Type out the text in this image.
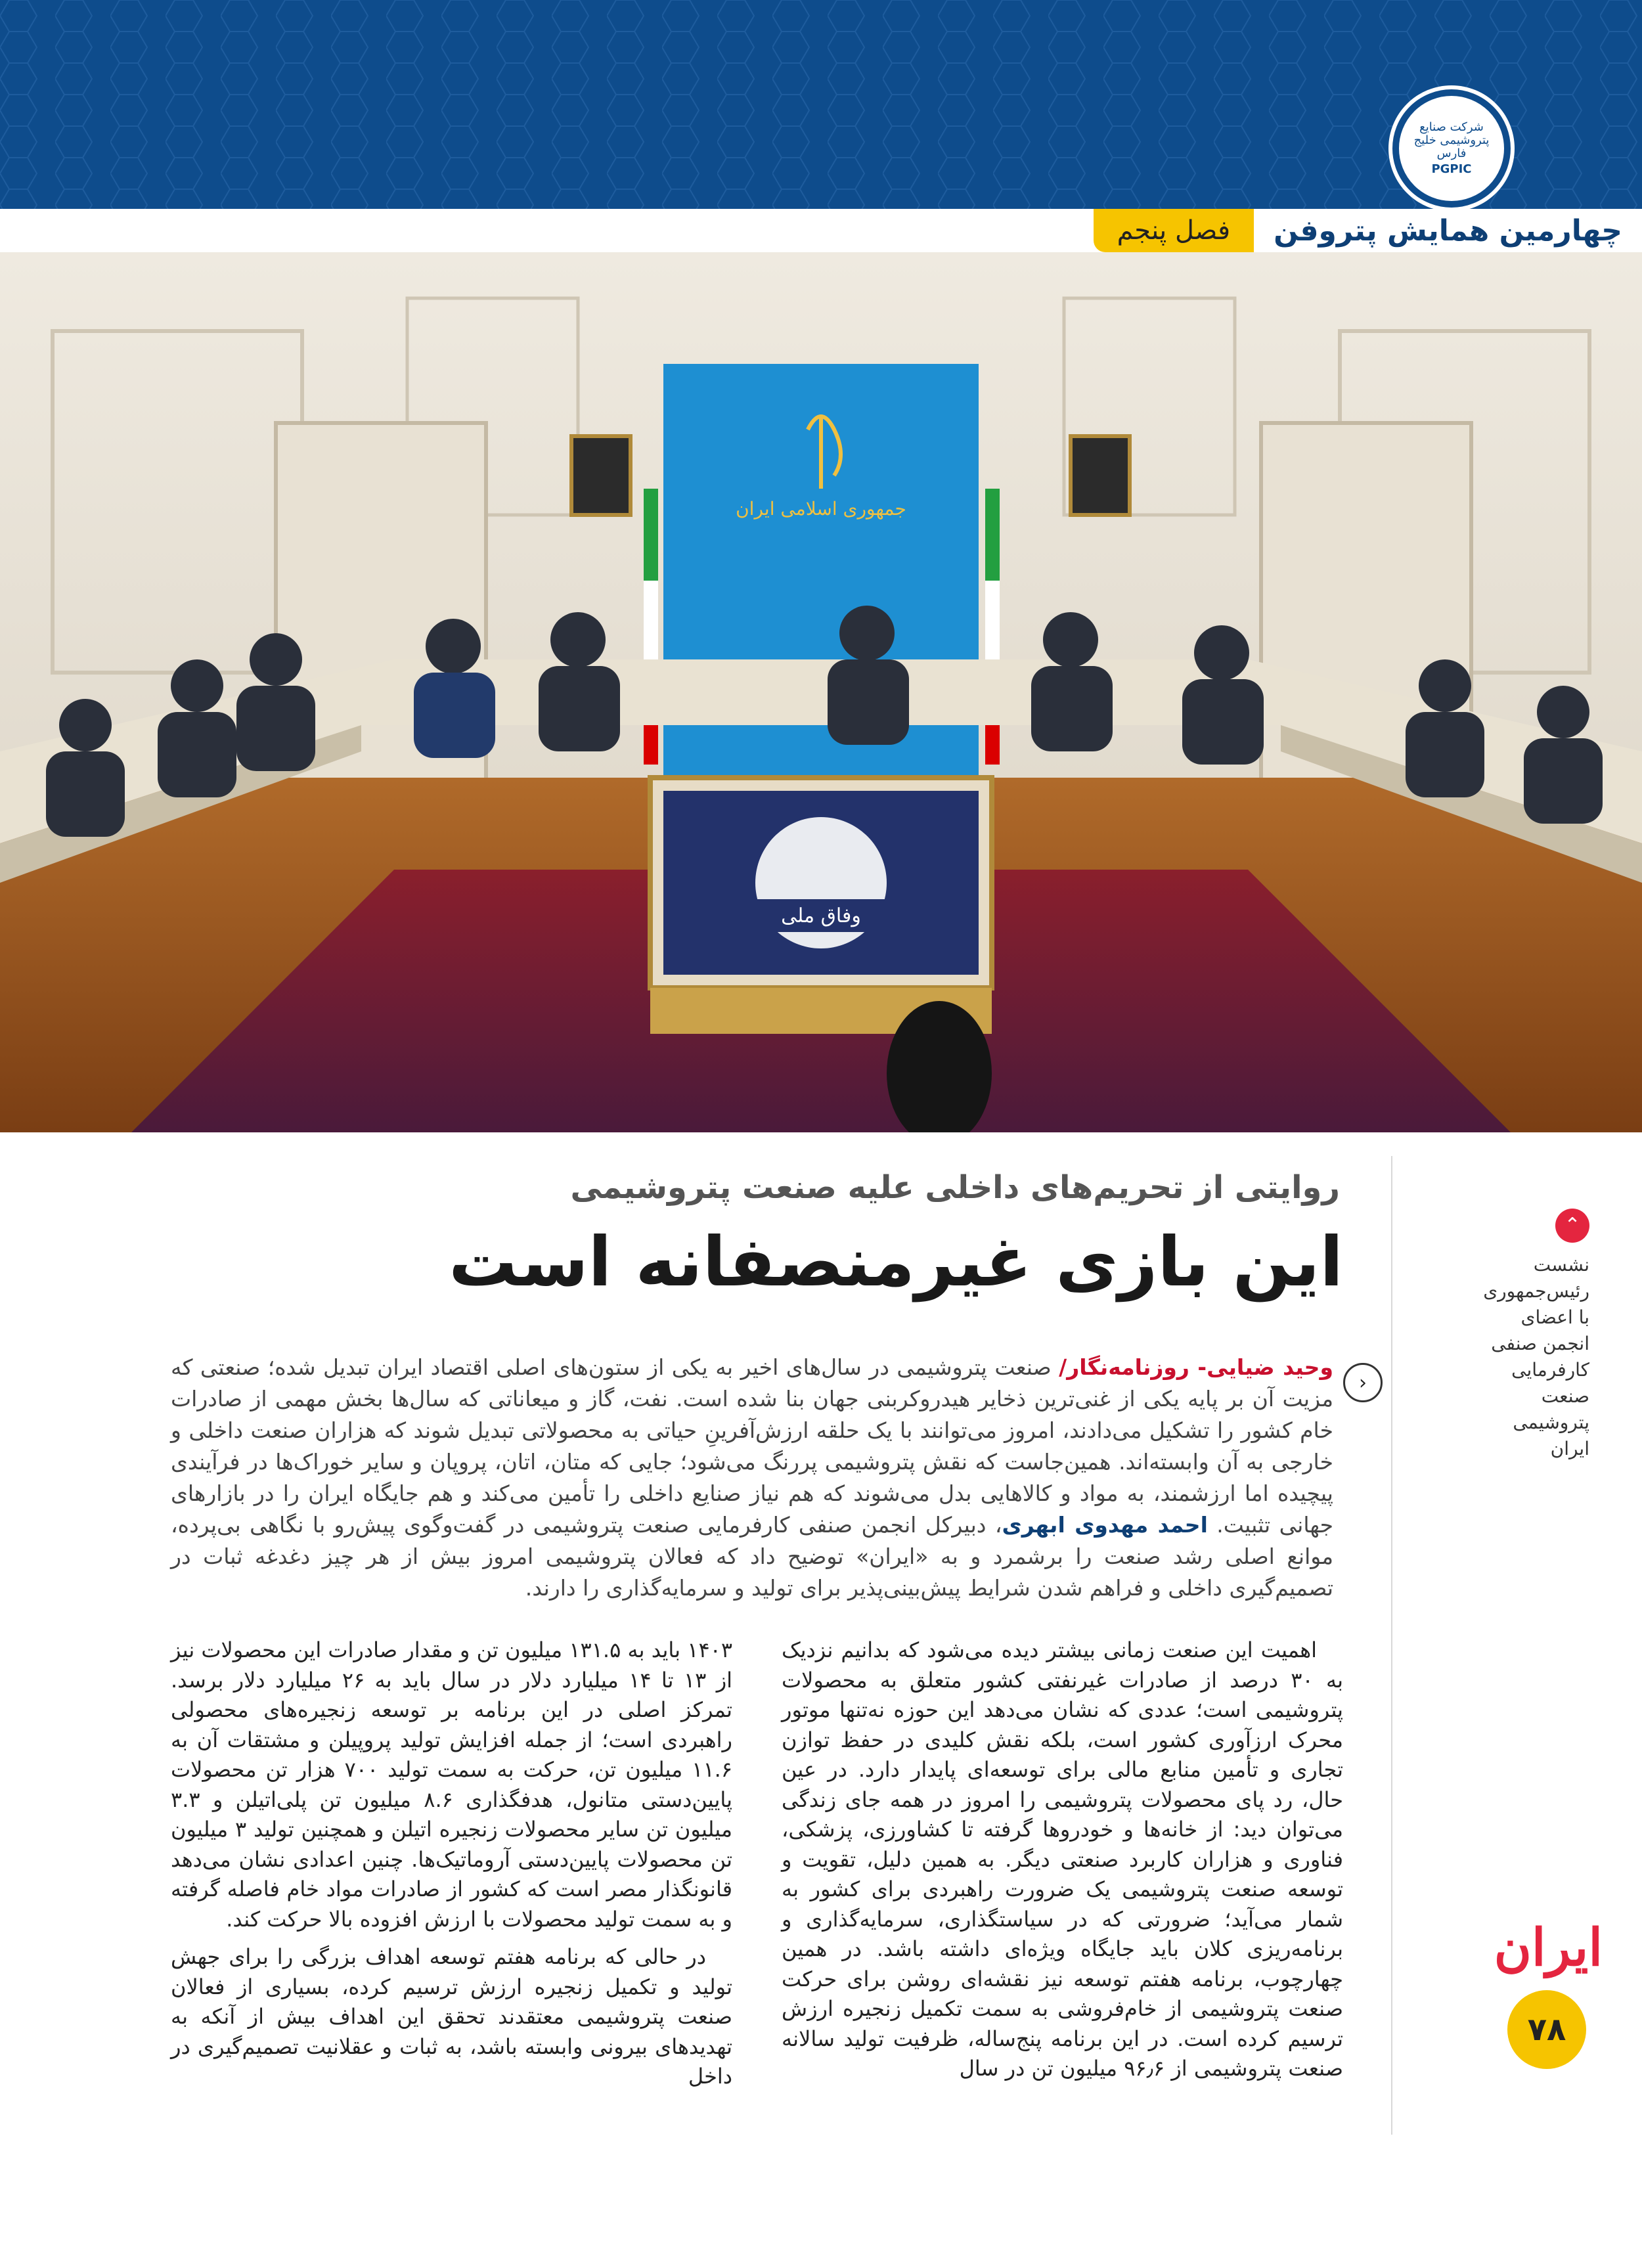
شرکت صنایع پتروشیمی خلیج فارس
PGPIC
چهارمین همایش پتروفن
فصل پنجم
جمهوری اسلامی ایران
وفاق ملی
⌃
نشست رئیس‌جمهوری با اعضای انجمن صنفی کارفرمایی صنعت پتروشیمی ایران
روایتی از تحریم‌های داخلی علیه صنعت پتروشیمی
این بازی غیرمنصفانه است
‹
وحید ضیایی- روزنامه‌نگار/ صنعت پتروشیمی در سال‌های اخیر به یکی از ستون‌های اصلی اقتصاد ایران تبدیل شده؛ صنعتی که مزیت آن بر پایه یکی از غنی‌ترین ذخایر هیدروکربنی جهان بنا شده است. نفت، گاز و میعاناتی که سال‌ها بخش مهمی از صادرات خام کشور را تشکیل می‌دادند، امروز می‌توانند با یک حلقه ارزش‌آفرینِ حیاتی به محصولاتی تبدیل شوند که هزاران صنعت داخلی و خارجی به آن وابسته‌اند. همین‌جاست که نقش پتروشیمی پررنگ می‌شود؛ جایی که متان، اتان، پروپان و سایر خوراک‌ها در فرآیندی پیچیده اما ارزشمند، به مواد و کالاهایی بدل می‌شوند که هم نیاز صنایع داخلی را تأمین می‌کند و هم جایگاه ایران را در بازارهای جهانی تثبیت. احمد مهدوی ابهری، دبیرکل انجمن صنفی کارفرمایی صنعت پتروشیمی در گفت‌وگوی پیش‌رو با نگاهی بی‌پرده، موانع اصلی رشد صنعت را برشمرد و به «ایران» توضیح داد که فعالان پتروشیمی امروز بیش از هر چیز دغدغه ثبات در تصمیم‌گیری داخلی و فراهم شدن شرایط پیش‌بینی‌پذیر برای تولید و سرمایه‌گذاری را دارند.

اهمیت این صنعت زمانی بیشتر دیده می‌شود که بدانیم نزدیک به ۳۰ درصد از صادرات غیرنفتی کشور متعلق به محصولات پتروشیمی است؛ عددی که نشان می‌دهد این حوزه نه‌تنها موتور محرک ارزآوری کشور است، بلکه نقش کلیدی در حفظ توازن تجاری و تأمین منابع مالی برای توسعه‌ای پایدار دارد. در عین حال، رد پای محصولات پتروشیمی را امروز در همه جای زندگی می‌توان دید: از خانه‌ها و خودروها گرفته تا کشاورزی، پزشکی، فناوری و هزاران کاربرد صنعتی دیگر. به همین دلیل، تقویت و توسعه صنعت پتروشیمی یک ضرورت راهبردی برای کشور به شمار می‌آید؛ ضرورتی که در سیاستگذاری، سرمایه‌گذاری و برنامه‌ریزی کلان باید جایگاه ویژه‌ای داشته باشد. در همین چهارچوب، برنامه هفتم توسعه نیز نقشه‌ای روشن برای حرکت صنعت پتروشیمی از خام‌فروشی به سمت تکمیل زنجیره ارزش ترسیم کرده است. در این برنامه پنج‌ساله، ظرفیت تولید سالانه صنعت پتروشیمی از ۹۶٫۶ میلیون تن در سال

۱۴۰۳ باید به ۱۳۱.۵ میلیون تن و مقدار صادرات این محصولات نیز از ۱۳ تا ۱۴ میلیارد دلار در سال باید به ۲۶ میلیارد دلار برسد. تمرکز اصلی در این برنامه بر توسعه زنجیره‌های محصولی راهبردی است؛ از جمله افزایش تولید پروپیلن و مشتقات آن به ۱۱.۶ میلیون تن، حرکت به سمت تولید ۷۰۰ هزار تن محصولات پایین‌دستی متانول، هدفگذاری ۸.۶ میلیون تن پلی‌اتیلن و ۳.۳ میلیون تن سایر محصولات زنجیره اتیلن و همچنین تولید ۳ میلیون تن محصولات پایین‌دستی آروماتیک‌ها. چنین اعدادی نشان می‌دهد قانونگذار مصر است که کشور از صادرات مواد خام فاصله گرفته و به سمت تولید محصولات با ارزش افزوده بالا حرکت کند.

در حالی که برنامه هفتم توسعه اهداف بزرگی را برای جهش تولید و تکمیل زنجیره ارزش ترسیم کرده، بسیاری از فعالان صنعت پتروشیمی معتقدند تحقق این اهداف بیش از آنکه به تهدیدهای بیرونی وابسته باشد، به ثبات و عقلانیت تصمیم‌گیری در داخل

ایران
۷۸
